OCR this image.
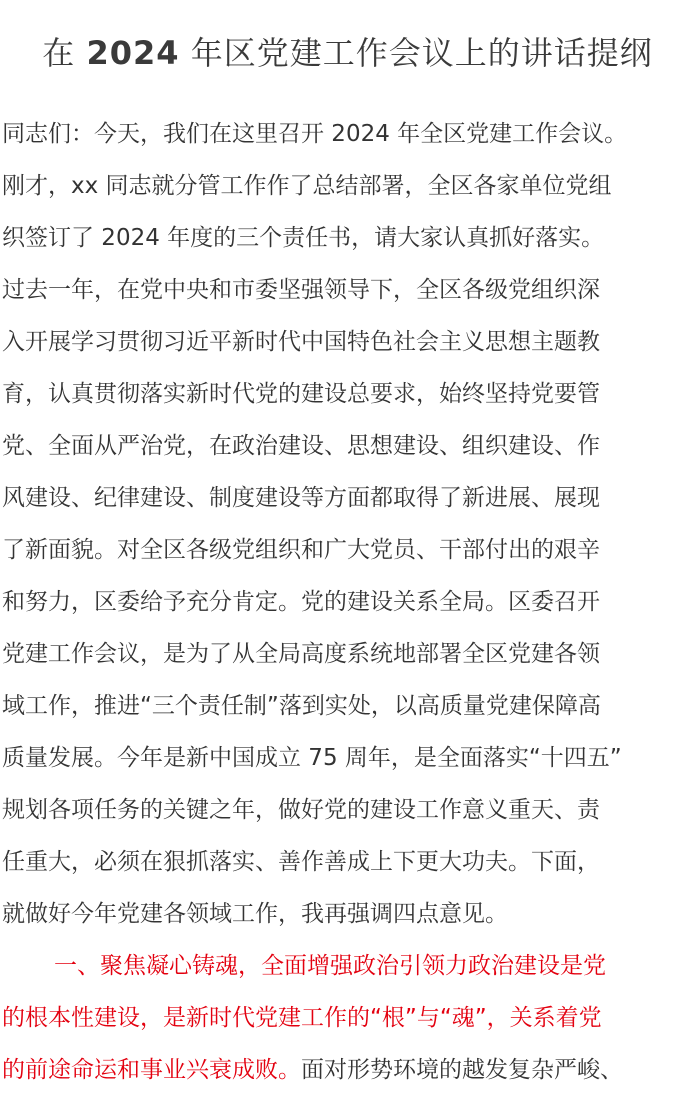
在 2024 年区党建工作会议上的讲话提纲
同志们：今天，我们在这里召开 2024 年全区党建工作会议。
刚才，xx 同志就分管工作作了总结部署，全区各家单位党组
织签订了 2024 年度的三个责任书，请大家认真抓好落实。
过去一年，在党中央和市委坚强领导下，全区各级党组织深
入开展学习贯彻习近平新时代中国特色社会主义思想主题教
育，认真贯彻落实新时代党的建设总要求，始终坚持党要管
党、全面从严治党，在政治建设、思想建设、组织建设、作
风建设、纪律建设、制度建设等方面都取得了新进展、展现
了新面貌。对全区各级党组织和广大党员、干部付出的艰辛
和努力，区委给予充分肯定。党的建设关系全局。区委召开
党建工作会议，是为了从全局高度系统地部署全区党建各领
域工作，推进“三个责任制”落到实处，以高质量党建保障高
质量发展。今年是新中国成立 75 周年，是全面落实“十四五”
规划各项任务的关键之年，做好党的建设工作意义重天、责
任重大，必须在狠抓落实、善作善成上下更大功夫。下面，
就做好今年党建各领域工作，我再强调四点意见。
一、聚焦凝心铸魂，全面增强政治引领力政治建设是党
的根本性建设，是新时代党建工作的“根”与“魂”，关系着党
的前途命运和事业兴衰成败。面对形势环境的越发复杂严峻、
